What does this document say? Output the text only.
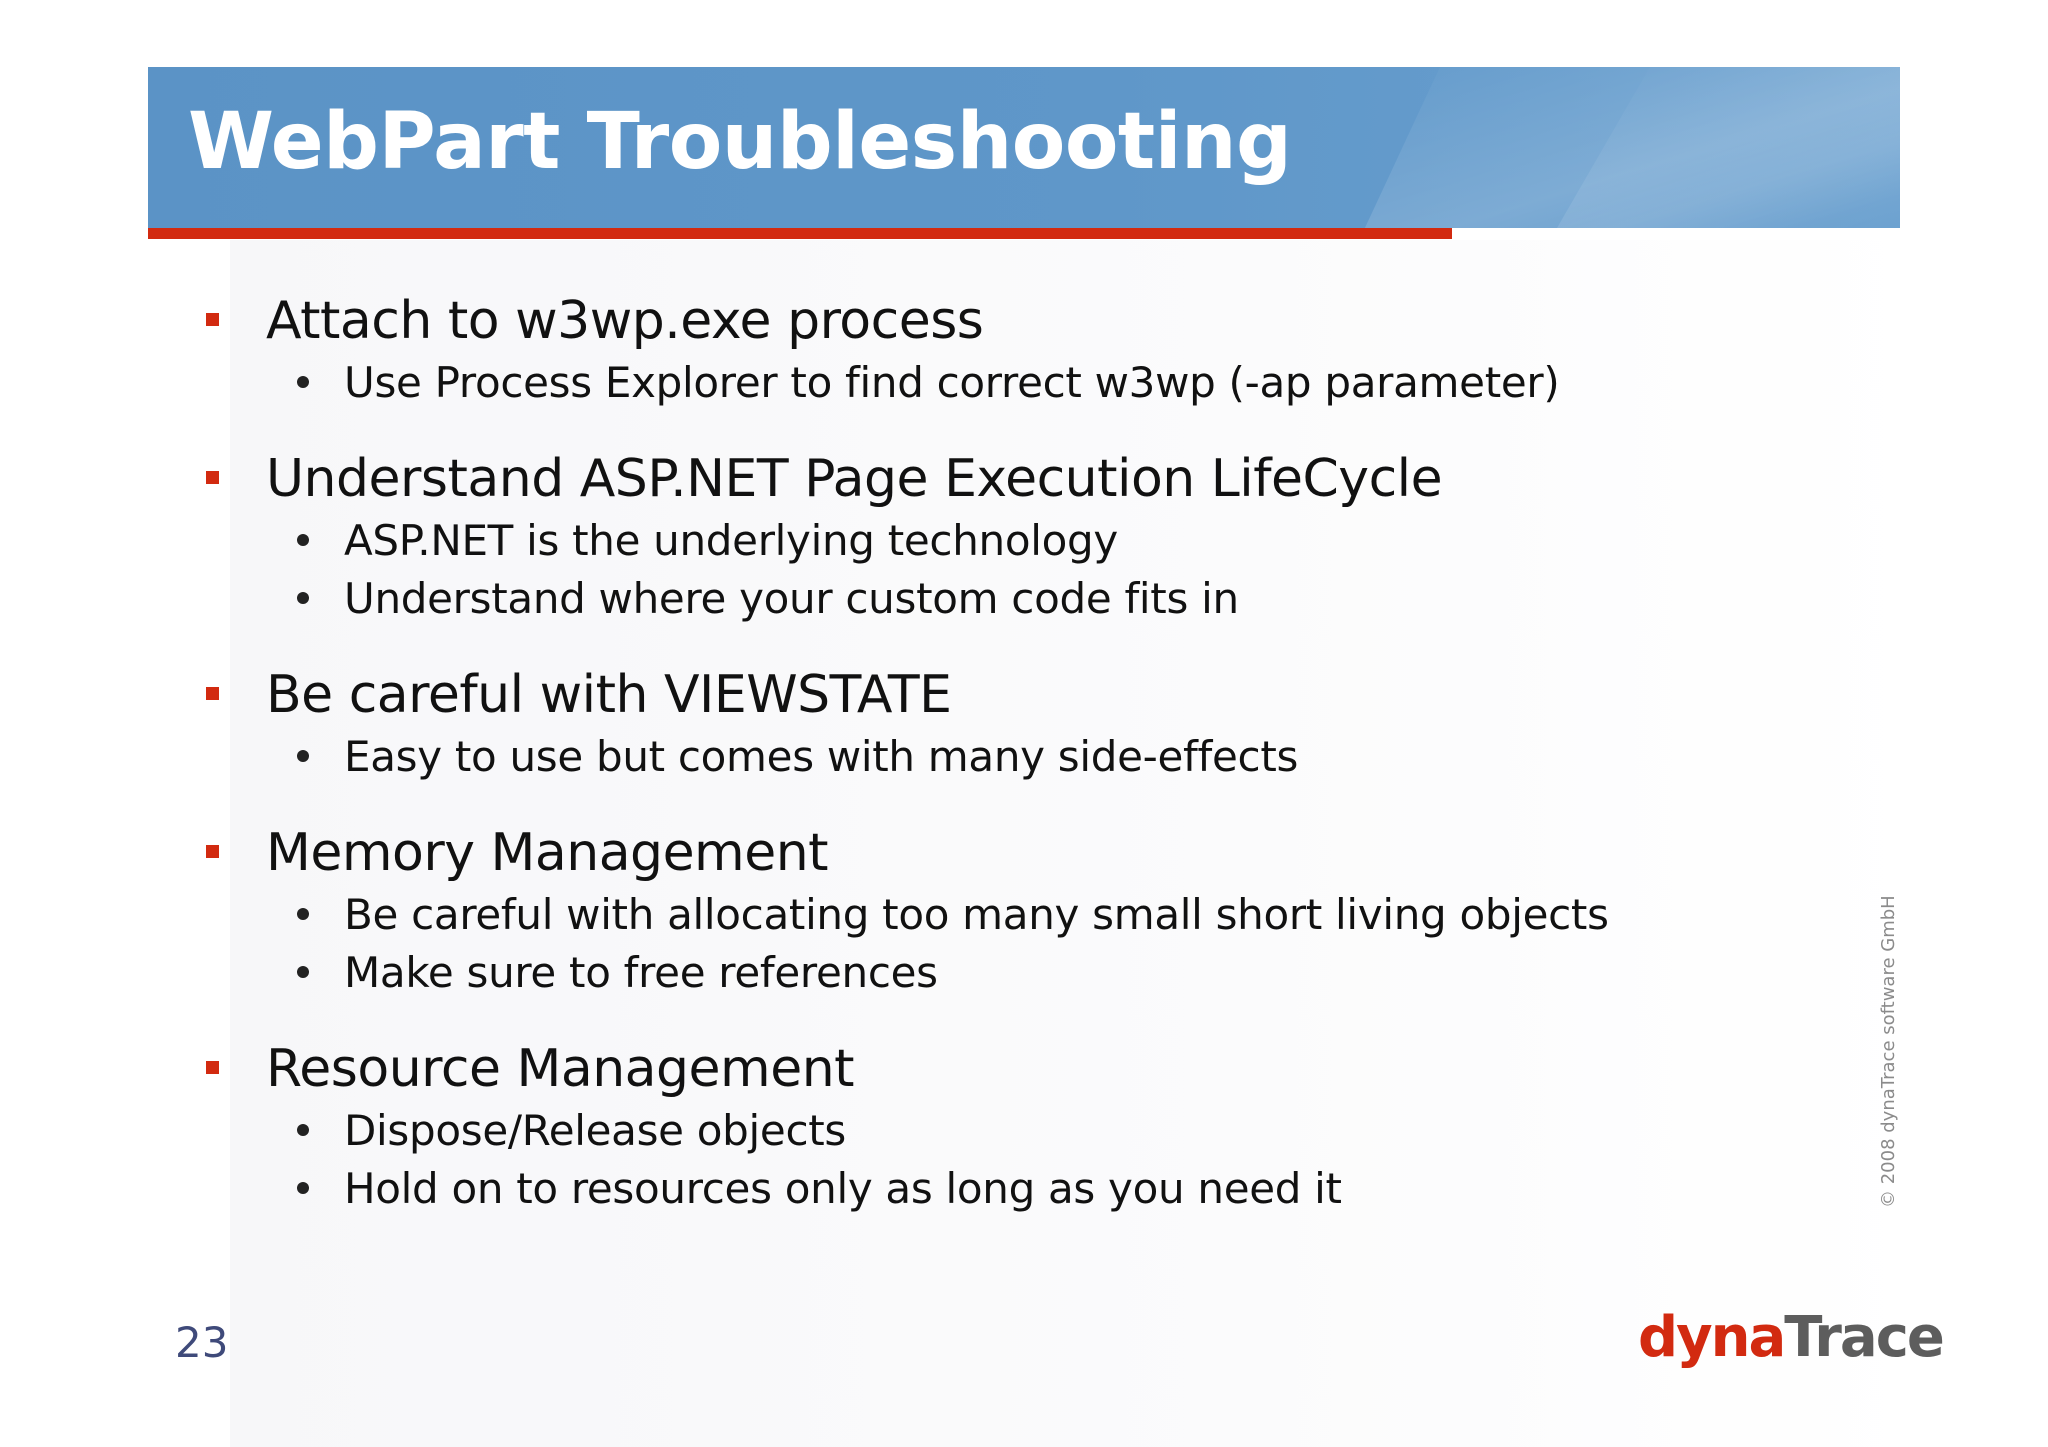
WebPart Troubleshooting
Attach to w3wp.exe process
Use Process Explorer to find correct w3wp (-ap parameter)
Understand ASP.NET Page Execution LifeCycle
ASP.NET is the underlying technology
Understand where your custom code fits in
Be careful with VIEWSTATE
Easy to use but comes with many side-effects
Memory Management
Be careful with allocating too many small short living objects
Make sure to free references
Resource Management
Dispose/Release objects
Hold on to resources only as long as you need it
23
© 2008 dynaTrace software GmbH
dynaTrace
